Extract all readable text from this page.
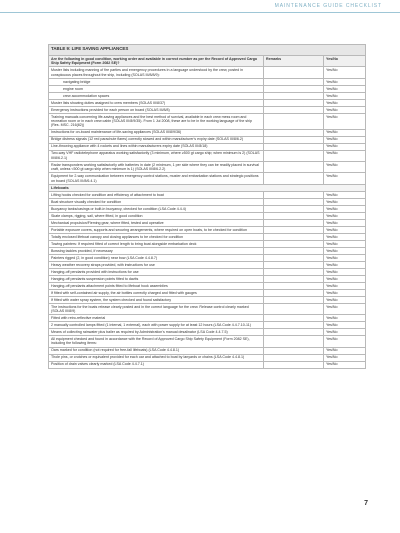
MAINTENANCE GUIDE CHECKLIST
TABLE 9: LIFE SAVING APPLIANCES		
Are the following in good condition, working order and available in correct number as per the Record of Approved Cargo Ship Safety Equipment (Form 2082 SE)?	Remarks	Yes/No
Muster lists including manning of fire parties and emergency procedures in a language understood by the crew, posted in conspicuous places throughout the ship, including (SOLAS III/8/8/9):		Yes/No
navigating bridge		Yes/No
engine room		Yes/No
crew accommodation spaces		Yes/No
Muster lists showing duties assigned to crew members (SOLAS III/8/37)		Yes/No
Emergency instructions provided for each person on board (SOLAS III/8/8)		Yes/No
Training manuals concerning life-saving appliances and the best method of survival, available in each crew mess room and recreation room or in each crew cabin (SOLAS III/8/9/35). From 1 Jul 2008, these are to be in the working language of the ship (Res. MSC. 216(82))		Yes/No
Instructions for on-board maintenance of life-saving appliances (SOLAS III/8/9/36)		Yes/No
Bridge distress signals (12 red parachute flares) correctly stowed and within manufacturer's expiry date (SOLAS III/8/6.2)		Yes/No
Line-throwing appliance with 4 rockets and lines within manufacturers expiry date (SOLAS III/8/18)		Yes/No
Two-way VHF radiotelephone apparatus working satisfactorily (3 minimum, where ≥500 gt cargo ship; when minimum is 2) (SOLAS III/8/6.2.1)		Yes/No
Radar transponders working satisfactorily with batteries in date (2 minimum, 1 per side where they can be readily placed in survival craft, unless <500 gt cargo ship when minimum is 1) (SOLAS III/8/6.2.2)		Yes/No
Equipment for 2-way communication between emergency control stations, muster and embarkation stations and strategic positions on board (SOLAS III/8/6.4.1)		Yes/No
Lifeboats		
Lifting hooks checked for condition and efficiency of attachment to boat		Yes/No
Boat structure visually checked for condition		Yes/No
Buoyancy tanks/casings or built-in buoyancy, checked for condition (LSA Code 4.4.4)		Yes/No
Skate clamps, rigging, sail, where fitted, in good condition		Yes/No
Mechanical propulsion/Fleming gear, where fitted, tested and operative		Yes/No
Portable exposure covers, supports and securing arrangements, where required on open boats, to be checked for condition		Yes/No
Totally enclosed lifeboat canopy and closing appliances to be checked for condition		Yes/No
Towing painters: If required fitted of correct length to bring boat alongside embarkation deck		Yes/No
Bowsing tackles provided, if necessary		Yes/No
Painters rigged (2, in good condition) near bow (LSA Code 4.4.8.7)		Yes/No
Heavy weather recovery straps provided, with instructions for use		Yes/No
Hanging-off pendants provided with instructions for use		Yes/No
Hanging-off pendants suspension points fitted to davits		Yes/No
Hanging-off pendants attachment points fitted to lifeboat hook assemblies		Yes/No
If fitted with self-contained air supply, the air bottles correctly charged and fitted with gauges		Yes/No
If fitted with water spray system, the system checked and found satisfactory		Yes/No
The instructions for the boats release clearly posted and in the correct language for the crew. Release control clearly marked (SOLAS III/8/9)		Yes/No
Fitted with retro-reflective material		Yes/No
2 manually controlled lamps fitted (1 internal, 1 external), each with power supply for at least 12 hours (LSA Code 4.4.7.10-11)		Yes/No
Means of collecting rainwater plus bailer as required by Administration's manual desalinator (LSA Code 4.4.7.5)		Yes/No
All equipment checked and found in accordance with the Record of Approved Cargo Ship Safety Equipment (Form 2082 SE), including the following items:		Yes/No
Oars marked for condition (not required for free-fall lifeboats) (LSA Code 4.4.8.1)		Yes/No
Thole pins, or crutches or equivalent provided for each oar and attached to boat by lanyards or chains (LSA Code 4.4.8.1)		Yes/No
Position of drain valves clearly marked (LSA Code 4.4.7.1)		Yes/No
7
